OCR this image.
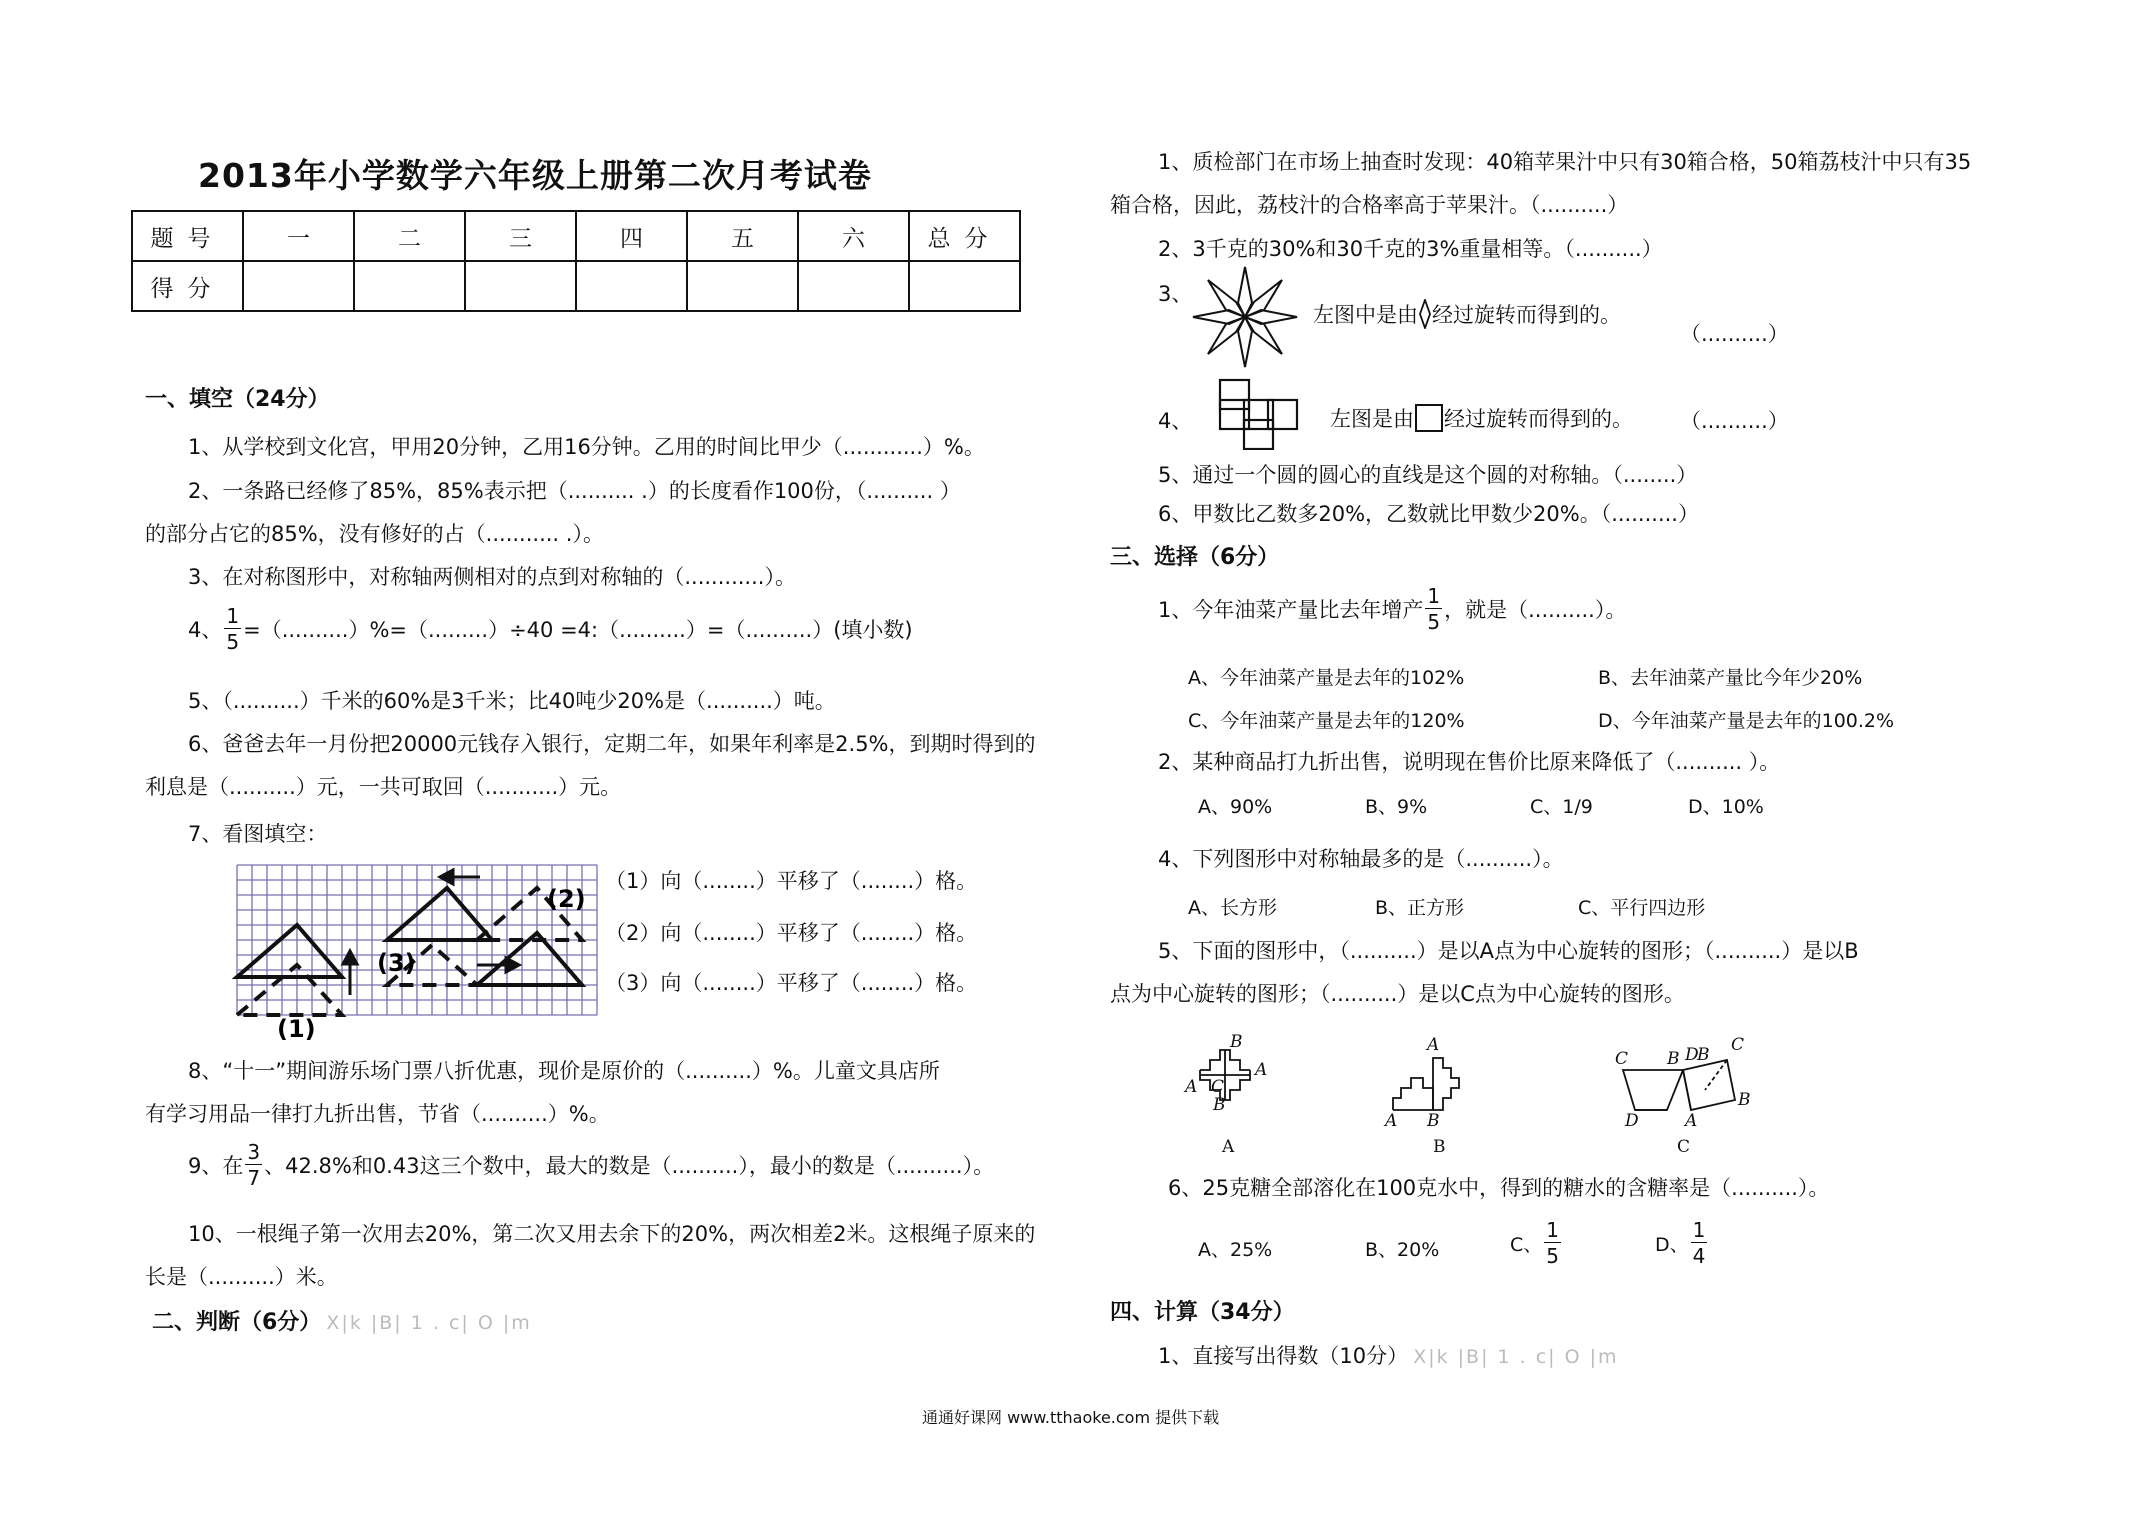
2013年小学数学六年级上册第二次月考试卷
题号	一	二	三	四	五	六	总分
得分							
一、填空（24分）
1、从学校到文化宫，甲用20分钟，乙用16分钟。乙用的时间比甲少（............）%。
2、一条路已经修了85%，85%表示把（.......... .）的长度看作100份，（.......... ）
的部分占它的85%，没有修好的占（........... .）。
3、在对称图形中，对称轴两侧相对的点到对称轴的（............）。
4、 $\frac{1}{5} =(..........)\%=(.........)\div 40$ =4:（..........）=（..........）(填小数)
5、（..........）千米的60%是3千米；比40吨少20%是（..........）吨。
6、爸爸去年一月份把20000元钱存入银行，定期二年，如果年利率是2.5%，到期时得到的
利息是（..........）元，一共可取回（...........）元。
7、看图填空：
(1)
(2)
(3)
（1）向（........）平移了（........）格。
（2）向（........）平移了（........）格。
（3）向（........）平移了（........）格。
8、“十一”期间游乐场门票八折优惠，现价是原价的（..........）%。儿童文具店所
有学习用品一律打九折出售，节省（..........）%。
9、在 $\frac{3}{7}$ 、42.8%和0.43这三个数中，最大的数是（..........），最小的数是（..........）。
10、一根绳子第一次用去20%，第二次又用去余下的20%，两次相差2米。这根绳子原来的
长是（..........）米。
二、判断（6分） X|k |B| 1 . c| O |m
1、质检部门在市场上抽查时发现：40箱苹果汁中只有30箱合格，50箱荔枝汁中只有35
箱合格，因此，荔枝汁的合格率高于苹果汁。（..........）
2、3千克的30%和30千克的3%重量相等。（..........）
3、
左图中是由 经过旋转而得到的。
（..........）
4、	左图是由 经过旋转而得到的。 （..........）
5、通过一个圆的圆心的直线是这个圆的对称轴。（........）
6、甲数比乙数多20%，乙数就比甲数少20%。（..........）
三、选择（6分）
1、今年油菜产量比去年增产 $\frac{1}{5}$ ，就是（..........）。
A、今年油菜产量是去年的102%	B、去年油菜产量比今年少20%
C、今年油菜产量是去年的120%	D、今年油菜产量是去年的100.2%
2、某种商品打九折出售，说明现在售价比原来降低了（.......... ）。
A、90%	B、9%	C、1/9	D、10%
4、下列图形中对称轴最多的是（..........）。
A、长方形	B、正方形	C、平行四边形
5、下面的图形中，（..........）是以A点为中心旋转的图形；（..........）是以B
点为中心旋转的图形；（..........）是以C点为中心旋转的图形。
B
A
A C
B
A
A B
C B D
B C
D	A
B
A	B	C
6、25克糖全部溶化在100克水中，得到的糖水的含糖率是（..........）。
A、25%	B、20%	C、 $\frac{1}{5}$	D、 $\frac{1}{4}$
四、计算（34分）
1、直接写出得数（10分） X|k |B| 1 . c| O |m
通通好课网 www.tthaoke.com 提供下载
